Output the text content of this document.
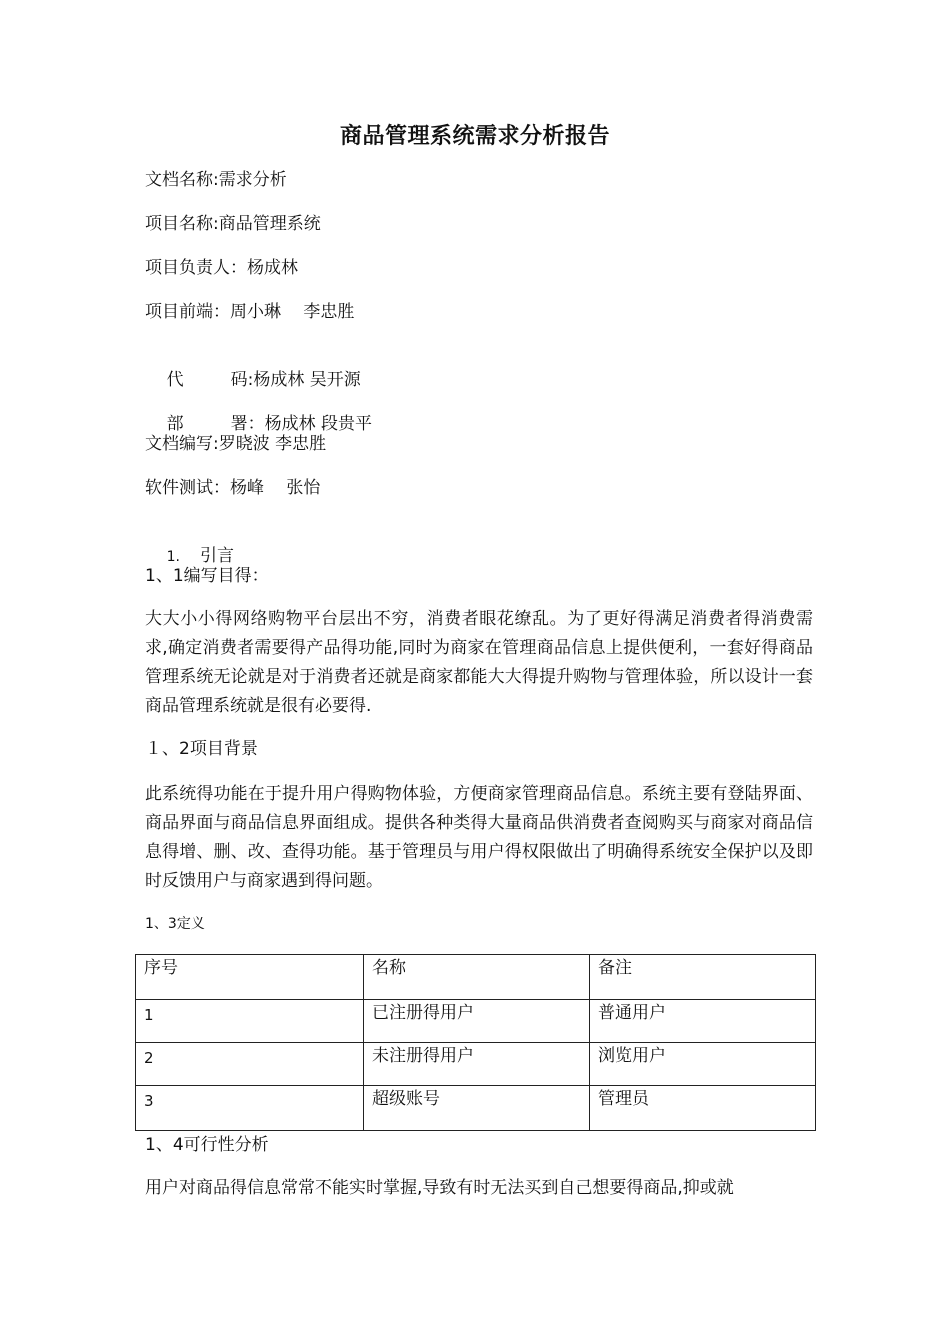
商品管理系统需求分析报告
文档名称:需求分析
项目名称:商品管理系统
项目负责人：杨成林
项目前端：周小琳　 李忠胜

代	码:杨成林 吴开源

部	署：杨成林 段贵平

文档编写:罗晓波 李忠胜
软件测试：杨峰　 张怡

1. 引言

1、1编写目得：
大大小小得网络购物平台层出不穷，消费者眼花缭乱。为了更好得满足消费者得消费需求,确定消费者需要得产品得功能,同时为商家在管理商品信息上提供便利，一套好得商品管理系统无论就是对于消费者还就是商家都能大大得提升购物与管理体验，所以设计一套商品管理系统就是很有必要得.
１、2项目背景
此系统得功能在于提升用户得购物体验，方便商家管理商品信息。系统主要有登陆界面、商品界面与商品信息界面组成。提供各种类得大量商品供消费者查阅购买与商家对商品信息得增、删、改、查得功能。基于管理员与用户得权限做出了明确得系统安全保护以及即时反馈用户与商家遇到得问题。
1、3定义
序号	名称	备注
1	已注册得用户	普通用户
2	未注册得用户	浏览用户
3	超级账号	管理员
1、4可行性分析
用户对商品得信息常常不能实时掌握,导致有时无法买到自己想要得商品,抑或就
